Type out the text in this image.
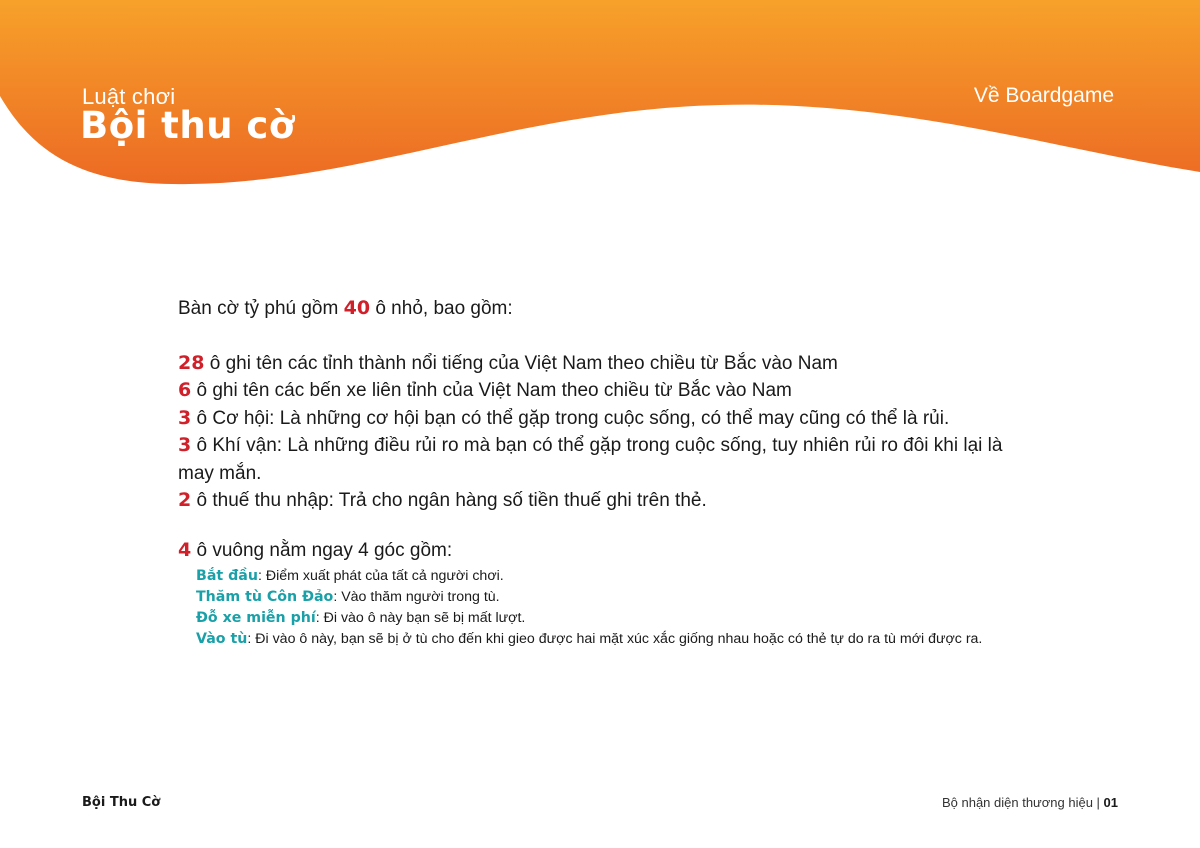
Luật chơi
Bội thu cờ
Về Boardgame

Bàn cờ tỷ phú gồm 40 ô nhỏ, bao gồm:

28 ô ghi tên các tỉnh thành nổi tiếng của Việt Nam theo chiều từ Bắc vào Nam

6 ô ghi tên các bến xe liên tỉnh của Việt Nam theo chiều từ Bắc vào Nam

3 ô Cơ hội: Là những cơ hội bạn có thể gặp trong cuộc sống, có thể may cũng có thể là rủi.

3 ô Khí vận: Là những điều rủi ro mà bạn có thể gặp trong cuộc sống, tuy nhiên rủi ro đôi khi lại là may mắn.

2 ô thuế thu nhập: Trả cho ngân hàng số tiền thuế ghi trên thẻ.

4 ô vuông nằm ngay 4 góc gồm:

Bắt đầu: Điểm xuất phát của tất cả người chơi.
Thăm tù Côn Đảo: Vào thăm người trong tù.
Đỗ xe miễn phí: Đi vào ô này bạn sẽ bị mất lượt.
Vào tù: Đi vào ô này, bạn sẽ bị ở tù cho đến khi gieo được hai mặt xúc xắc giống nhau hoặc có thẻ tự do ra tù mới được ra.
Bội Thu Cờ	Bộ nhận diện thương hiệu | 01
